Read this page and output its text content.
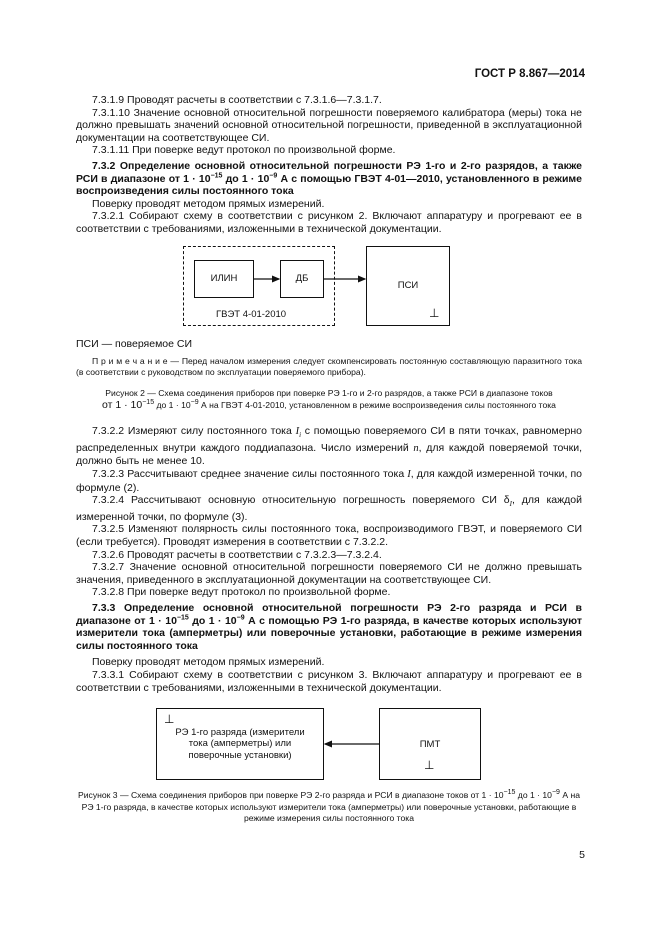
ГОСТ Р 8.867—2014

7.3.1.9 Проводят расчеты в соответствии с 7.3.1.6—7.3.1.7.

7.3.1.10 Значение основной относительной погрешности поверяемого калибратора (меры) тока не должно превышать значений основной относительной погрешности, приведенной в эксплуатационной документации на соответствующее СИ.

7.3.1.11 При поверке ведут протокол по произвольной форме.

7.3.2 Определение основной относительной погрешности РЭ 1-го и 2-го разрядов, а также РСИ в диапазоне от $1 \cdot 10^{-15}$ до $1 \cdot 10^{-9}$ А с помощью ГВЭТ 4-01—2010, установленного в режиме воспроизведения силы постоянного тока

Поверку проводят методом прямых измерений.

7.3.2.1 Собирают схему в соответствии с рисунком 2. Включают аппаратуру и прогревают ее в соответствии с требованиями, изложенными в технической документации.

ИЛИН	ДБ
ПСИ
ГВЭТ 4-01-2010	⊥

ПСИ — поверяемое СИ

П р и м е ч а н и е — Перед началом измерения следует скомпенсировать постоянную составляющую паразитного тока (в соответствии с руководством по эксплуатации поверяемого прибора).

Рисунок 2 — Схема соединения приборов при поверке РЭ 1-го и 2-го разрядов, а также РСИ в диапазоне токов
от $1 \cdot 10^{-15}$ до $1 \cdot 10^{-9}$ А на ГВЭТ 4-01-2010, установленном в режиме воспроизведения силы постоянного тока

7.3.2.2 Измеряют силу постоянного тока $I_i$ с помощью поверяемого СИ в пяти точках, равномерно распределенных внутри каждого поддиапазона. Число измерений n, для каждой поверяемой точки, должно быть не менее 10.

7.3.2.3 Рассчитывают среднее значение силы постоянного тока I, для каждой измеренной точки, по формуле (2).

7.3.2.4 Рассчитывают основную относительную погрешность поверяемого СИ $\delta_I$, для каждой измеренной точки, по формуле (3).

7.3.2.5 Изменяют полярность силы постоянного тока, воспроизводимого ГВЭТ, и поверяемого СИ (если требуется). Проводят измерения в соответствии с 7.3.2.2.

7.3.2.6 Проводят расчеты в соответствии с 7.3.2.3—7.3.2.4.

7.3.2.7 Значение основной относительной погрешности поверяемого СИ не должно превышать значения, приведенного в эксплуатационной документации на соответствующее СИ.

7.3.2.8 При поверке ведут протокол по произвольной форме.

7.3.3 Определение основной относительной погрешности РЭ 2-го разряда и РСИ в диапазоне от $1 \cdot 10^{-15}$ до $1 \cdot 10^{-9}$ А с помощью РЭ 1-го разряда, в качестве которых используют измерители тока (амперметры) или поверочные установки, работающие в режиме измерения силы постоянного тока

Поверку проводят методом прямых измерений.

7.3.3.1 Собирают схему в соответствии с рисунком 3. Включают аппаратуру и прогревают ее в соответствии с требованиями, изложенными в технической документации.

РЭ 1-го разряда (измерители тока (амперметры) или поверочные установки)
⊥
ПМТ
⊥

Рисунок 3 — Схема соединения приборов при поверке РЭ 2-го разряда и РСИ в диапазоне токов от $1 \cdot 10^{-15}$ до $1 \cdot 10^{-9}$ А на РЭ 1-го разряда, в качестве которых используют измерители тока (амперметры) или поверочные установки, работающие в режиме измерения силы постоянного тока

5
